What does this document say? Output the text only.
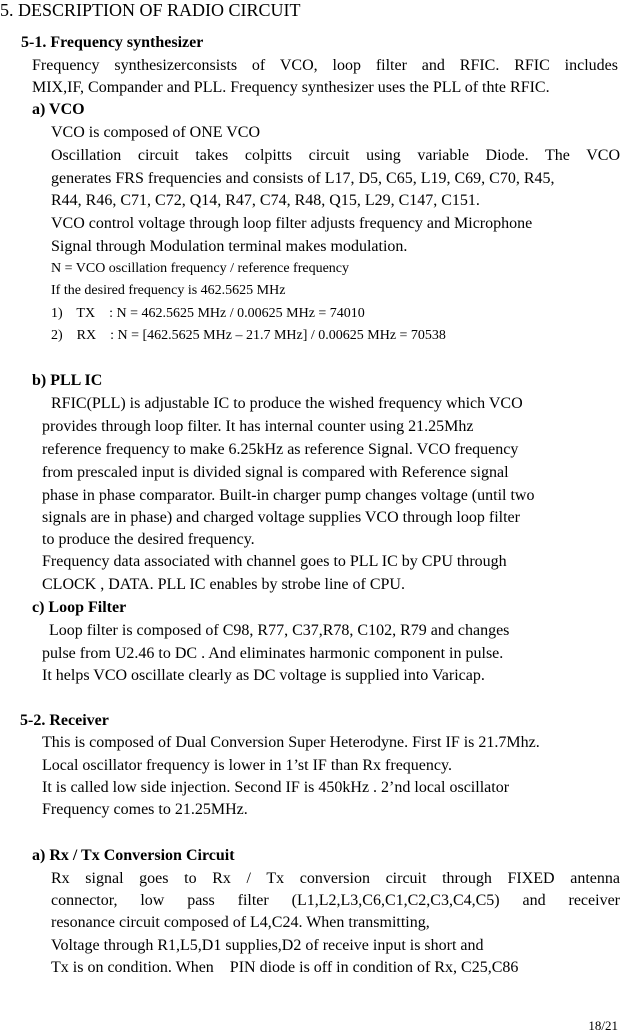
5. DESCRIPTION OF RADIO CIRCUIT
5-1. Frequency synthesizer
Frequency synthesizerconsists of VCO, loop filter and RFIC. RFIC includes
MIX,IF, Compander and PLL. Frequency synthesizer uses the PLL of thte RFIC.
a) VCO
VCO is composed of ONE VCO
Oscillation circuit takes colpitts circuit using variable Diode. The VCO
generates FRS frequencies and consists of L17, D5, C65, L19, C69, C70, R45,
R44, R46, C71, C72, Q14, R47, C74, R48, Q15, L29, C147, C151.
VCO control voltage through loop filter adjusts frequency and Microphone
Signal through Modulation terminal makes modulation.
N = VCO oscillation frequency / reference frequency
If the desired frequency is 462.5625 MHz
1)    TX    : N = 462.5625 MHz / 0.00625 MHz = 74010
2)    RX    : N = [462.5625 MHz – 21.7 MHz] / 0.00625 MHz = 70538
b) PLL IC
RFIC(PLL) is adjustable IC to produce the wished frequency which VCO
provides through loop filter. It has internal counter using 21.25Mhz
reference frequency to make 6.25kHz as reference Signal. VCO frequency
from prescaled input is divided signal is compared with Reference signal
phase in phase comparator. Built-in charger pump changes voltage (until two
signals are in phase) and charged voltage supplies VCO through loop filter
to produce the desired frequency.
Frequency data associated with channel goes to PLL IC by CPU through
CLOCK , DATA. PLL IC enables by strobe line of CPU.
c) Loop Filter
Loop filter is composed of C98, R77, C37,R78, C102, R79 and changes
pulse from U2.46 to DC . And eliminates harmonic component in pulse.
It helps VCO oscillate clearly as DC voltage is supplied into Varicap.
5-2. Receiver
This is composed of Dual Conversion Super Heterodyne. First IF is 21.7Mhz.
Local oscillator frequency is lower in 1’st IF than Rx frequency.
It is called low side injection. Second IF is 450kHz . 2’nd local oscillator
Frequency comes to 21.25MHz.
a) Rx / Tx Conversion Circuit
Rx signal goes to Rx / Tx conversion circuit through FIXED antenna
connector, low pass filter (L1,L2,L3,C6,C1,C2,C3,C4,C5) and receiver
resonance circuit composed of L4,C24. When transmitting,
Voltage through R1,L5,D1 supplies,D2 of receive input is short and
Tx is on condition. When    PIN diode is off in condition of Rx, C25,C86
18/21
